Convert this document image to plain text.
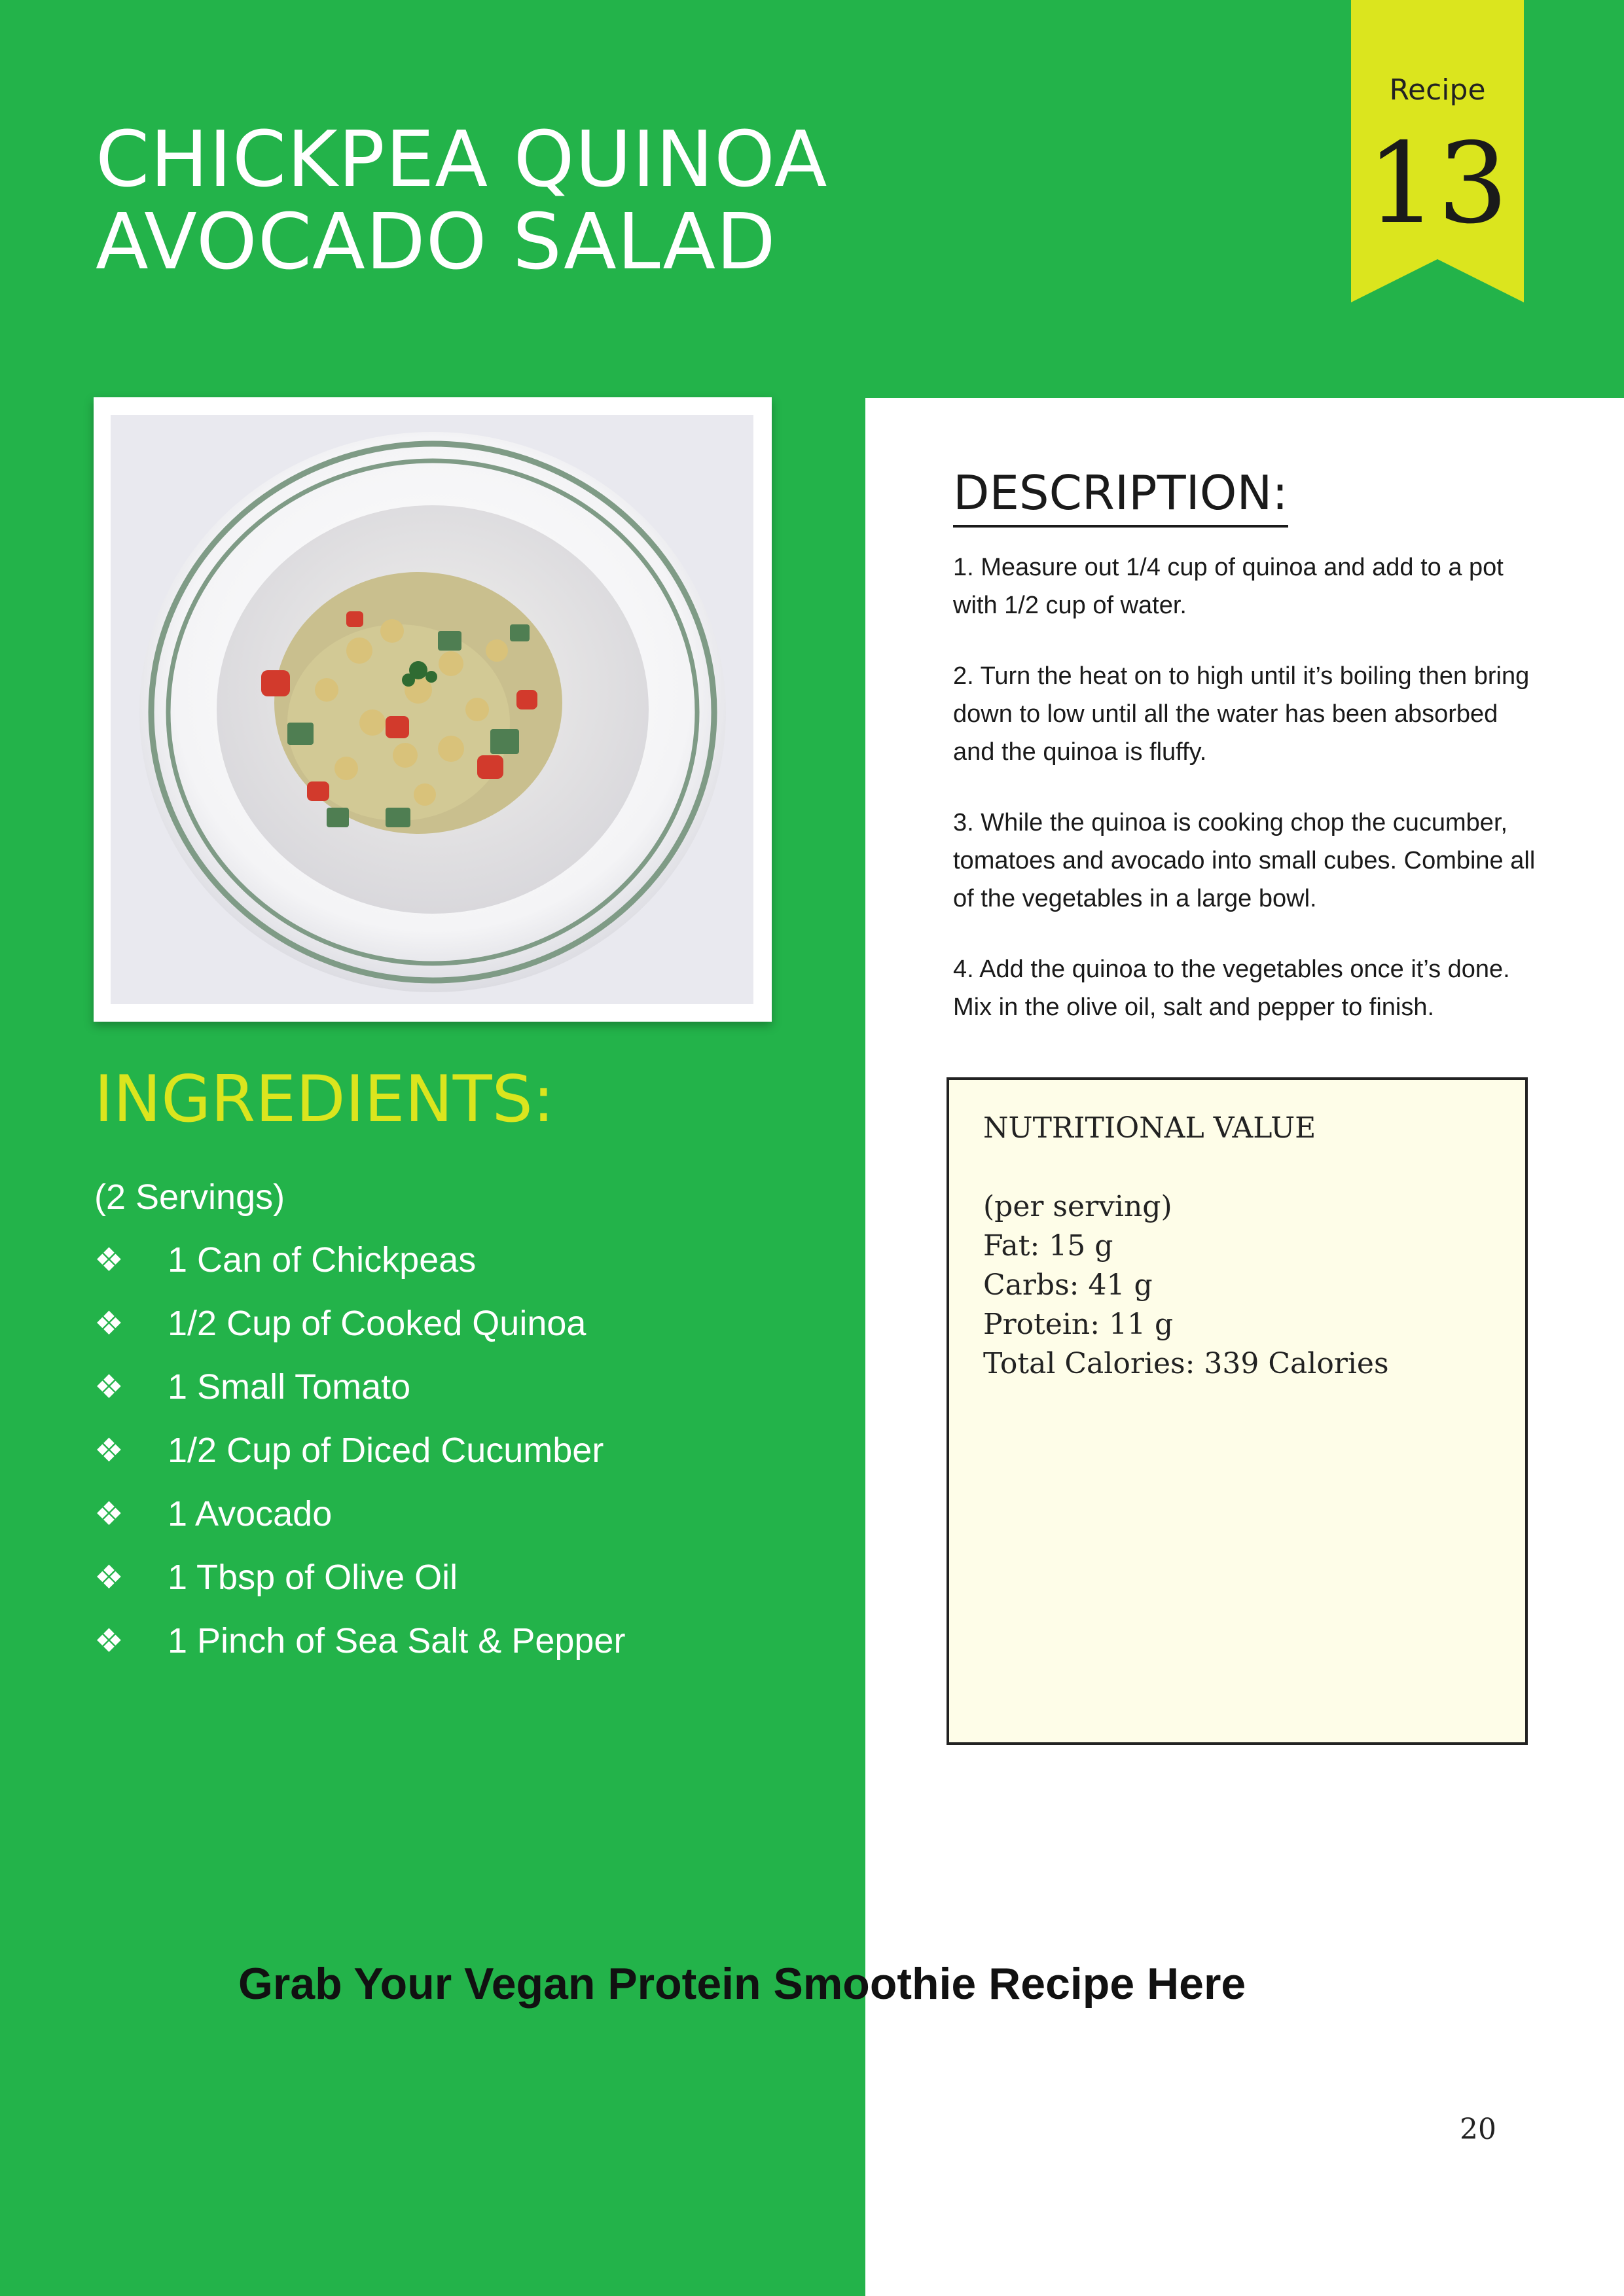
CHICKPEA QUINOA
AVOCADO SALAD
Recipe
13
INGREDIENTS:
(2 Servings)
❖	1 Can of Chickpeas
❖	1/2 Cup of Cooked Quinoa
❖	1 Small Tomato
❖	1/2 Cup of Diced Cucumber
❖	1 Avocado
❖	1 Tbsp of Olive Oil
❖	1 Pinch of Sea Salt & Pepper
DESCRIPTION:

1. Measure out 1/4 cup of quinoa and add to a pot with 1/2 cup of water.

2. Turn the heat on to high until it’s boiling then bring down to low until all the water has been absorbed and the quinoa is fluffy.

3. While the quinoa is cooking chop the cucumber, tomatoes and avocado into small cubes. Combine all of the vegetables in a large bowl.

4. Add the quinoa to the vegetables once it’s done. Mix in the olive oil, salt and pepper to finish.

NUTRITIONAL VALUE
(per serving)
Fat: 15 g
Carbs: 41 g
Protein: 11 g
Total Calories: 339 Calories
Grab Your Vegan Protein Smoothie Recipe Here
20
